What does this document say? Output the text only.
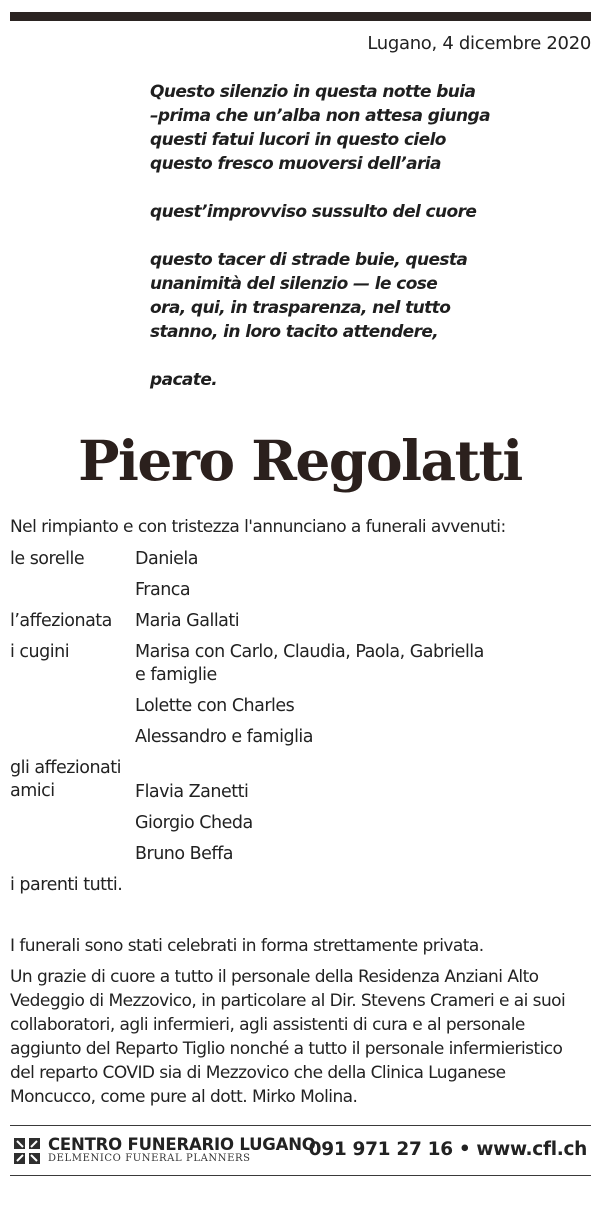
Lugano, 4 dicembre 2020
Questo silenzio in questa notte buia
–prima che un’alba non attesa giunga
questi fatui lucori in questo cielo
questo fresco muoversi dell’aria
quest’improvviso sussulto del cuore
questo tacer di strade buie, questa
unanimità del silenzio — le cose
ora, qui, in trasparenza, nel tutto
stanno, in loro tacito attendere,
pacate.
Piero Regolatti
Nel rimpianto e con tristezza l'annunciano a funerali avvenuti:
le sorelle	Daniela
Franca
l’affezionata	Maria Gallati
i cugini	Marisa con Carlo, Claudia, Paola, Gabriella e famiglie
Lolette con Charles
Alessandro e famiglia
gli affezionati amici	Flavia Zanetti
Giorgio Cheda
Bruno Beffa
i parenti tutti.
I funerali sono stati celebrati in forma strettamente privata.
Un grazie di cuore a tutto il personale della Residenza Anziani Alto
Vedeggio di Mezzovico, in particolare al Dir. Stevens Crameri e ai suoi
collaboratori, agli infermieri, agli assistenti di cura e al personale
aggiunto del Reparto Tiglio nonché a tutto il personale infermieristico
del reparto COVID sia di Mezzovico che della Clinica Luganese
Moncucco, come pure al dott. Mirko Molina.
CENTRO FUNERARIO LUGANO
DELMENICO FUNERAL PLANNERS	091 971 27 16 • www.cfl.ch
